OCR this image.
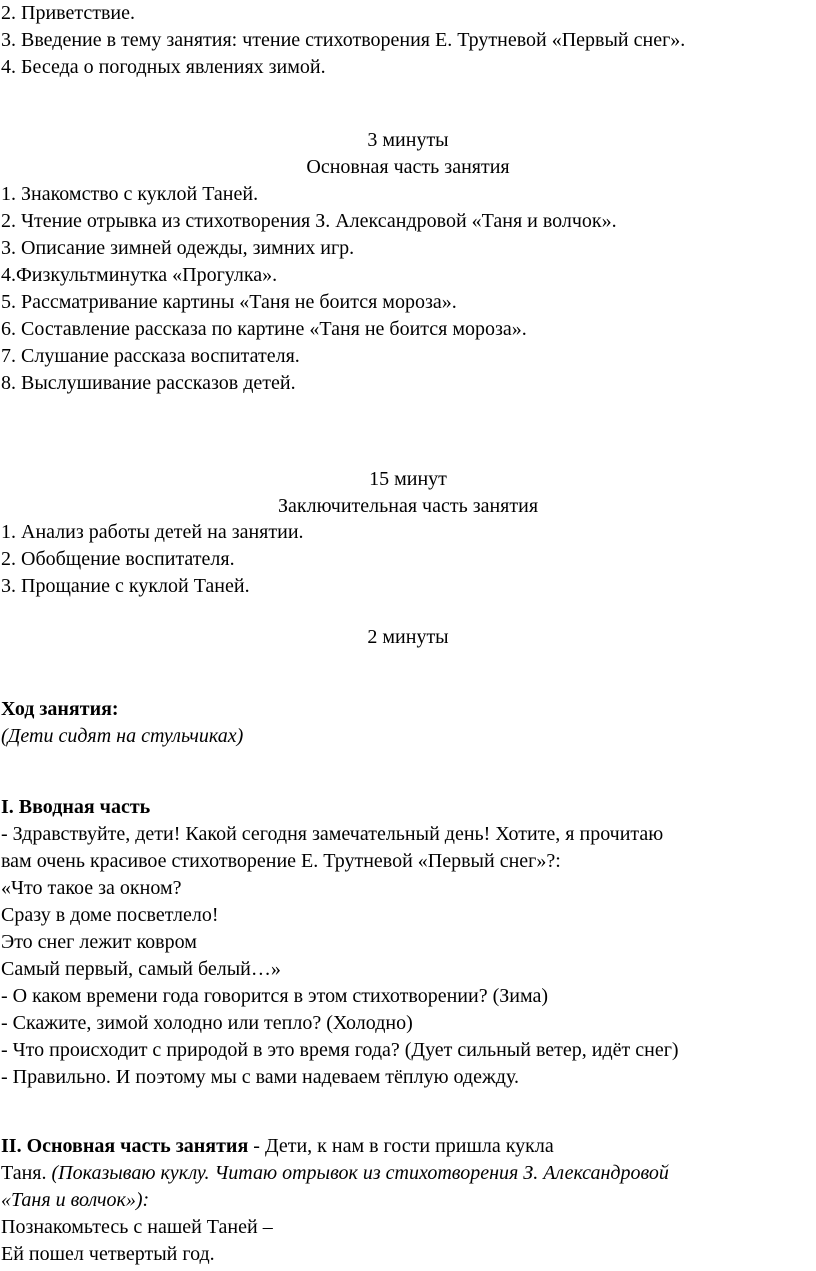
2. Приветствие.
3. Введение в тему занятия: чтение стихотворения Е. Трутневой «Первый снег».
4. Беседа о погодных явлениях зимой.
3 минуты
Основная часть занятия
1. Знакомство с куклой Таней.
2. Чтение отрывка из стихотворения З. Александровой «Таня и волчок».
3. Описание зимней одежды, зимних игр.
4.Физкультминутка «Прогулка».
5. Рассматривание картины «Таня не боится мороза».
6. Составление рассказа по картине «Таня не боится мороза».
7. Слушание рассказа воспитателя.
8. Выслушивание рассказов детей.
15 минут
Заключительная часть занятия
1. Анализ работы детей на занятии.
2. Обобщение воспитателя.
3. Прощание с куклой Таней.
2 минуты
Ход занятия:
(Дети сидят на стульчиках)
I. Вводная часть
- Здравствуйте, дети! Какой сегодня замечательный день! Хотите, я прочитаю
вам очень красивое стихотворение Е. Трутневой «Первый снег»?:
«Что такое за окном?
Сразу в доме посветлело!
Это снег лежит ковром
Самый первый, самый белый…»
- О каком времени года говорится в этом стихотворении? (Зима)
- Скажите, зимой холодно или тепло? (Холодно)
- Что происходит с природой в это время года? (Дует сильный ветер, идёт снег)
- Правильно. И поэтому мы с вами надеваем тёплую одежду.
II. Основная часть занятия - Дети, к нам в гости пришла кукла
Таня. (Показываю куклу. Читаю отрывок из стихотворения З. Александровой
«Таня и волчок»):
Познакомьтесь с нашей Таней –
Ей пошел четвертый год.
